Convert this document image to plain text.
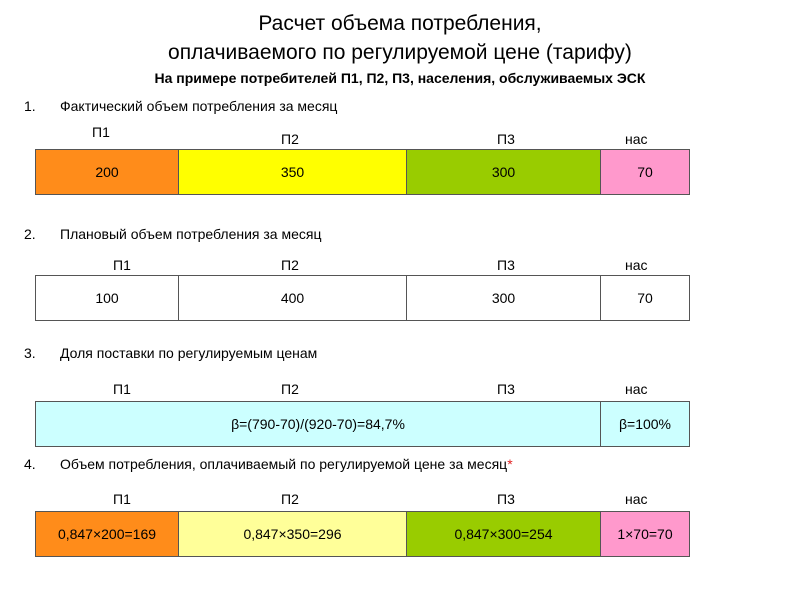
Расчет объема потребления,
оплачиваемого по регулируемой цене (тарифу)
На примере потребителей П1, П2, П3, населения, обслуживаемых ЭСК
1. Фактический объем потребления за месяц
П1	П2	П3	нас
200	350	300	70
2. Плановый объем потребления за месяц
П1	П2	П3	нас
100	400	300	70
3. Доля поставки по регулируемым ценам
П1	П2	П3	нас
β=(790-70)/(920-70)=84,7%	β=100%
4. Объем потребления, оплачиваемый по регулируемой цене за месяц*
П1	П2	П3	нас
0,847×200=169	0,847×350=296	0,847×300=254	1×70=70
